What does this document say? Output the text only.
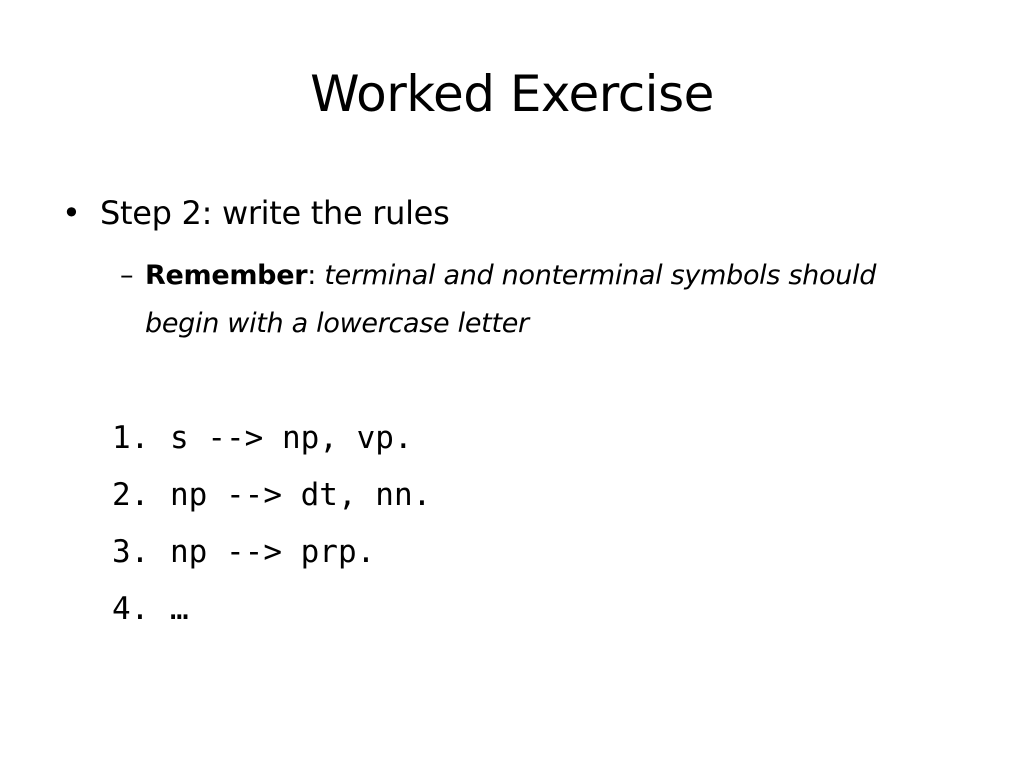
Worked Exercise
• Step 2: write the rules
– Remember: terminal and nonterminal symbols should begin with a lowercase letter
1. s --> np, vp.
2. np --> dt, nn.
3. np --> prp.
4. …
